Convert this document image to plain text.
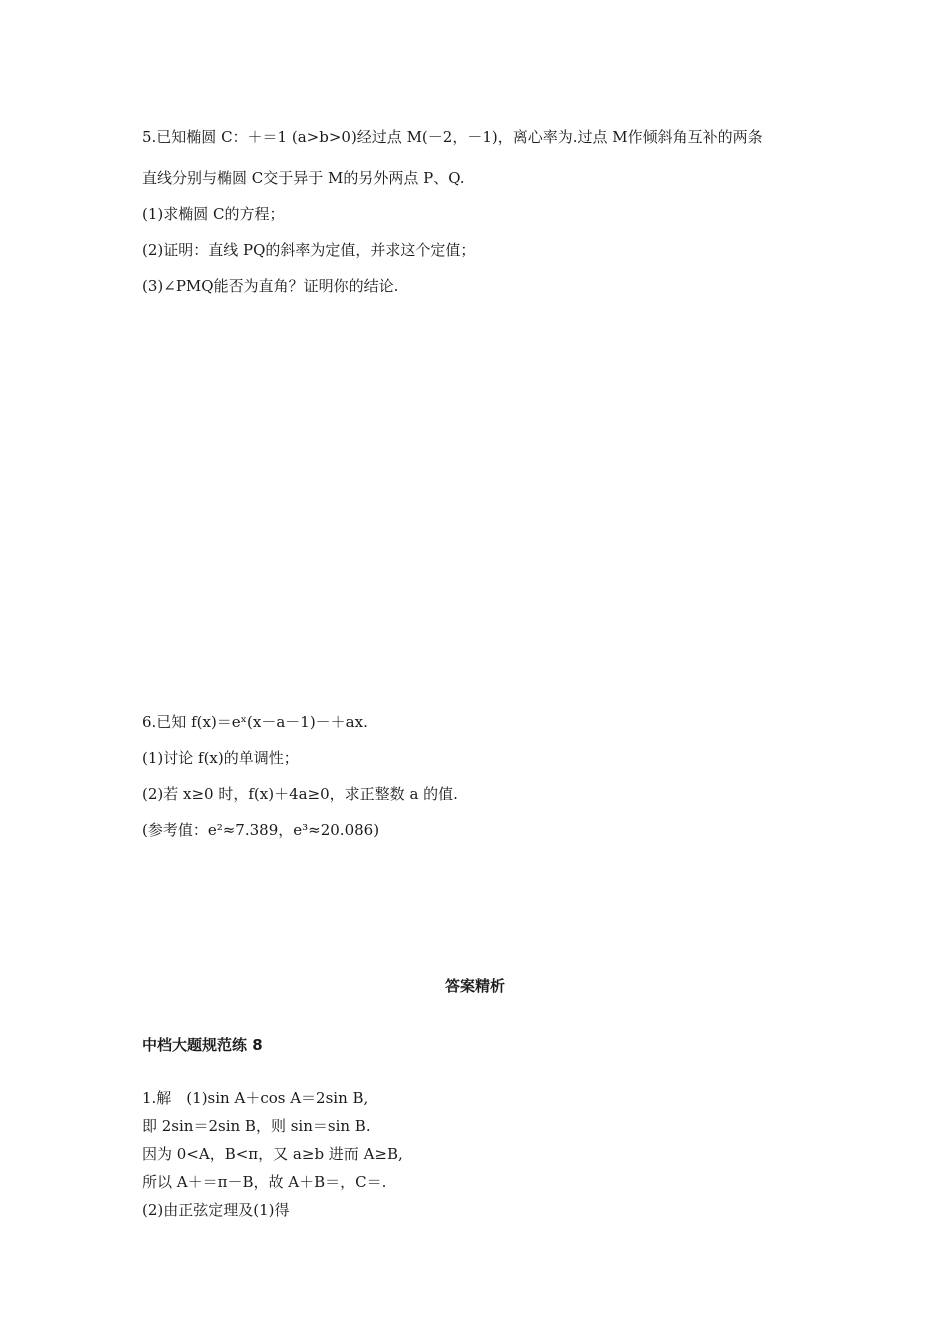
5.已知椭圆 C：＋＝1 (a>b>0)经过点 M(－2，－1)，离心率为.过点 M作倾斜角互补的两条
直线分别与椭圆 C交于异于 M的另外两点 P、Q.
(1)求椭圆 C的方程；
(2)证明：直线 PQ的斜率为定值，并求这个定值；
(3)∠PMQ能否为直角？证明你的结论.
6.已知 f(x)＝eˣ(x－a－1)－＋ax.
(1)讨论 f(x)的单调性；
(2)若 x≥0 时，f(x)＋4a≥0，求正整数 a 的值.
(参考值：e²≈7.389，e³≈20.086)
答案精析
中档大题规范练 8
1.解　(1)sin A＋cos A＝2sin B,
即 2sin＝2sin B，则 sin＝sin B.
因为 0<A，B<π，又 a≥b 进而 A≥B,
所以 A＋＝π－B，故 A＋B＝，C＝.
(2)由正弦定理及(1)得
